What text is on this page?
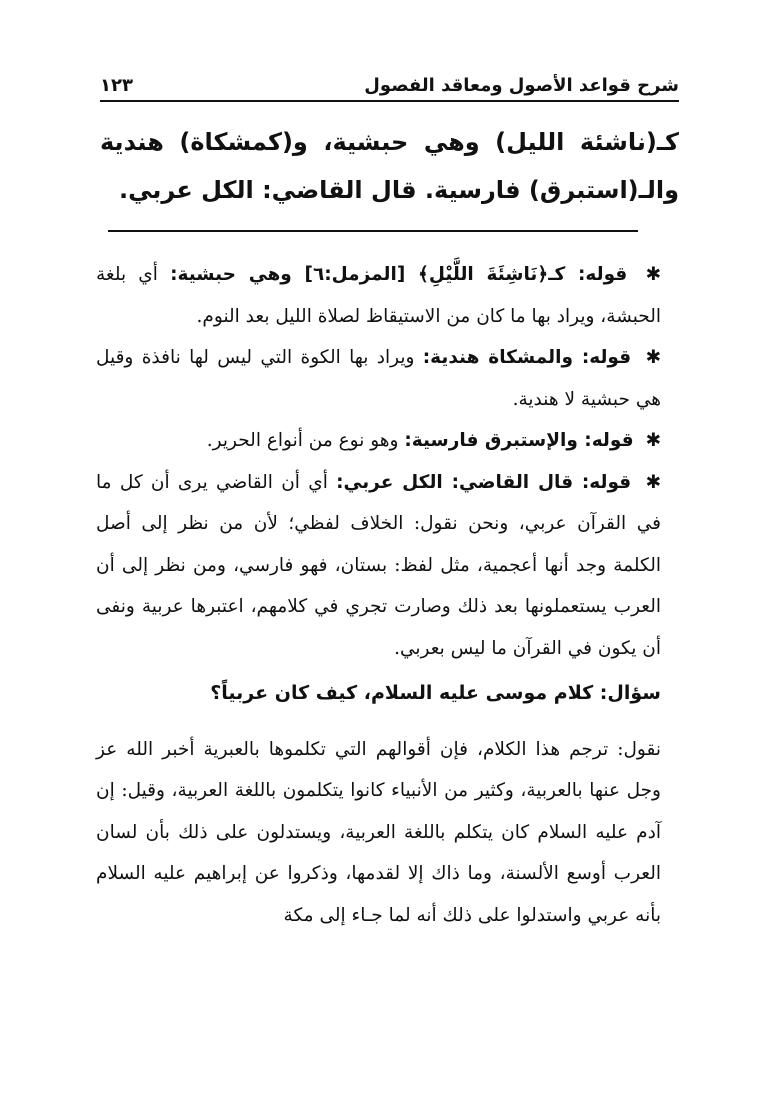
شرح قواعد الأصول ومعاقد الفصول
١٢٣

كـ(ناشئة الليل) وهي حبشية، و(كمشكاة) هندية والـ(استبرق) فارسية. قال القاضي: الكل عربي.

✱ قوله: كـ﴿نَاشِئَةَ اللَّيْلِ﴾ [المزمل:٦] وهي حبشية: أي بلغة الحبشة، ويراد بها ما كان من الاستيقاظ لصلاة الليل بعد النوم.

✱ قوله: والمشكاة هندية: ويراد بها الكوة التي ليس لها نافذة وقيل هي حبشية لا هندية.

✱ قوله: والإستبرق فارسية: وهو نوع من أنواع الحرير.

✱ قوله: قال القاضي: الكل عربي: أي أن القاضي يرى أن كل ما في القرآن عربي، ونحن نقول: الخلاف لفظي؛ لأن من نظر إلى أصل الكلمة وجد أنها أعجمية، مثل لفظ: بستان، فهو فارسي، ومن نظر إلى أن العرب يستعملونها بعد ذلك وصارت تجري في كلامهم، اعتبرها عربية ونفى أن يكون في القرآن ما ليس بعربي.

سؤال: كلام موسى عليه السلام، كيف كان عربياً؟

نقول: ترجم هذا الكلام، فإن أقوالهم التي تكلموها بالعبرية أخبر الله عز وجل عنها بالعربية، وكثير من الأنبياء كانوا يتكلمون باللغة العربية، وقيل: إن آدم عليه السلام كان يتكلم باللغة العربية، ويستدلون على ذلك بأن لسان العرب أوسع الألسنة، وما ذاك إلا لقدمها، وذكروا عن إبراهيم عليه السلام بأنه عربي واستدلوا على ذلك أنه لما جـاء إلى مكة
